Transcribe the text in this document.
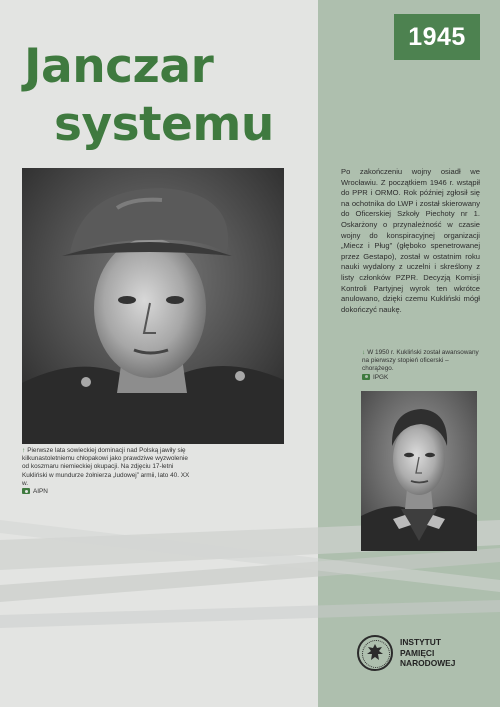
1945
Janczar
systemu
↑ Pierwsze lata sowieckiej dominacji nad Polską jawiły się kilkunastoletniemu chłopakowi jako prawdziwe wyzwolenie od koszmaru niemieckiej okupacji. Na zdjęciu 17-letni Kukliński w mundurze żołnierza „ludowej” armii, lato 40. XX w.
AIPN
Po zakończeniu wojny osiadł we Wrocławiu. Z początkiem 1946 r. wstąpił do PPR i ORMO. Rok później zgłosił się na ochotnika do LWP i został skierowany do Oficerskiej Szkoły Piechoty nr 1. Oskarżony o przynależność w czasie wojny do konspiracyjnej organizacji „Miecz i Pług” (głęboko spenetrowanej przez Gestapo), został w ostatnim roku nauki wydalony z uczelni i skreślony z listy członków PZPR. Decyzją Komisji Kontroli Partyjnej wyrok ten wkrótce anulowano, dzięki czemu Kukliński mógł dokończyć naukę.
↓ W 1950 r. Kukliński został awansowany na pierwszy stopień oficerski – chorążego.
IPGK
INSTYTUT
PAMIĘCI
NARODOWEJ
